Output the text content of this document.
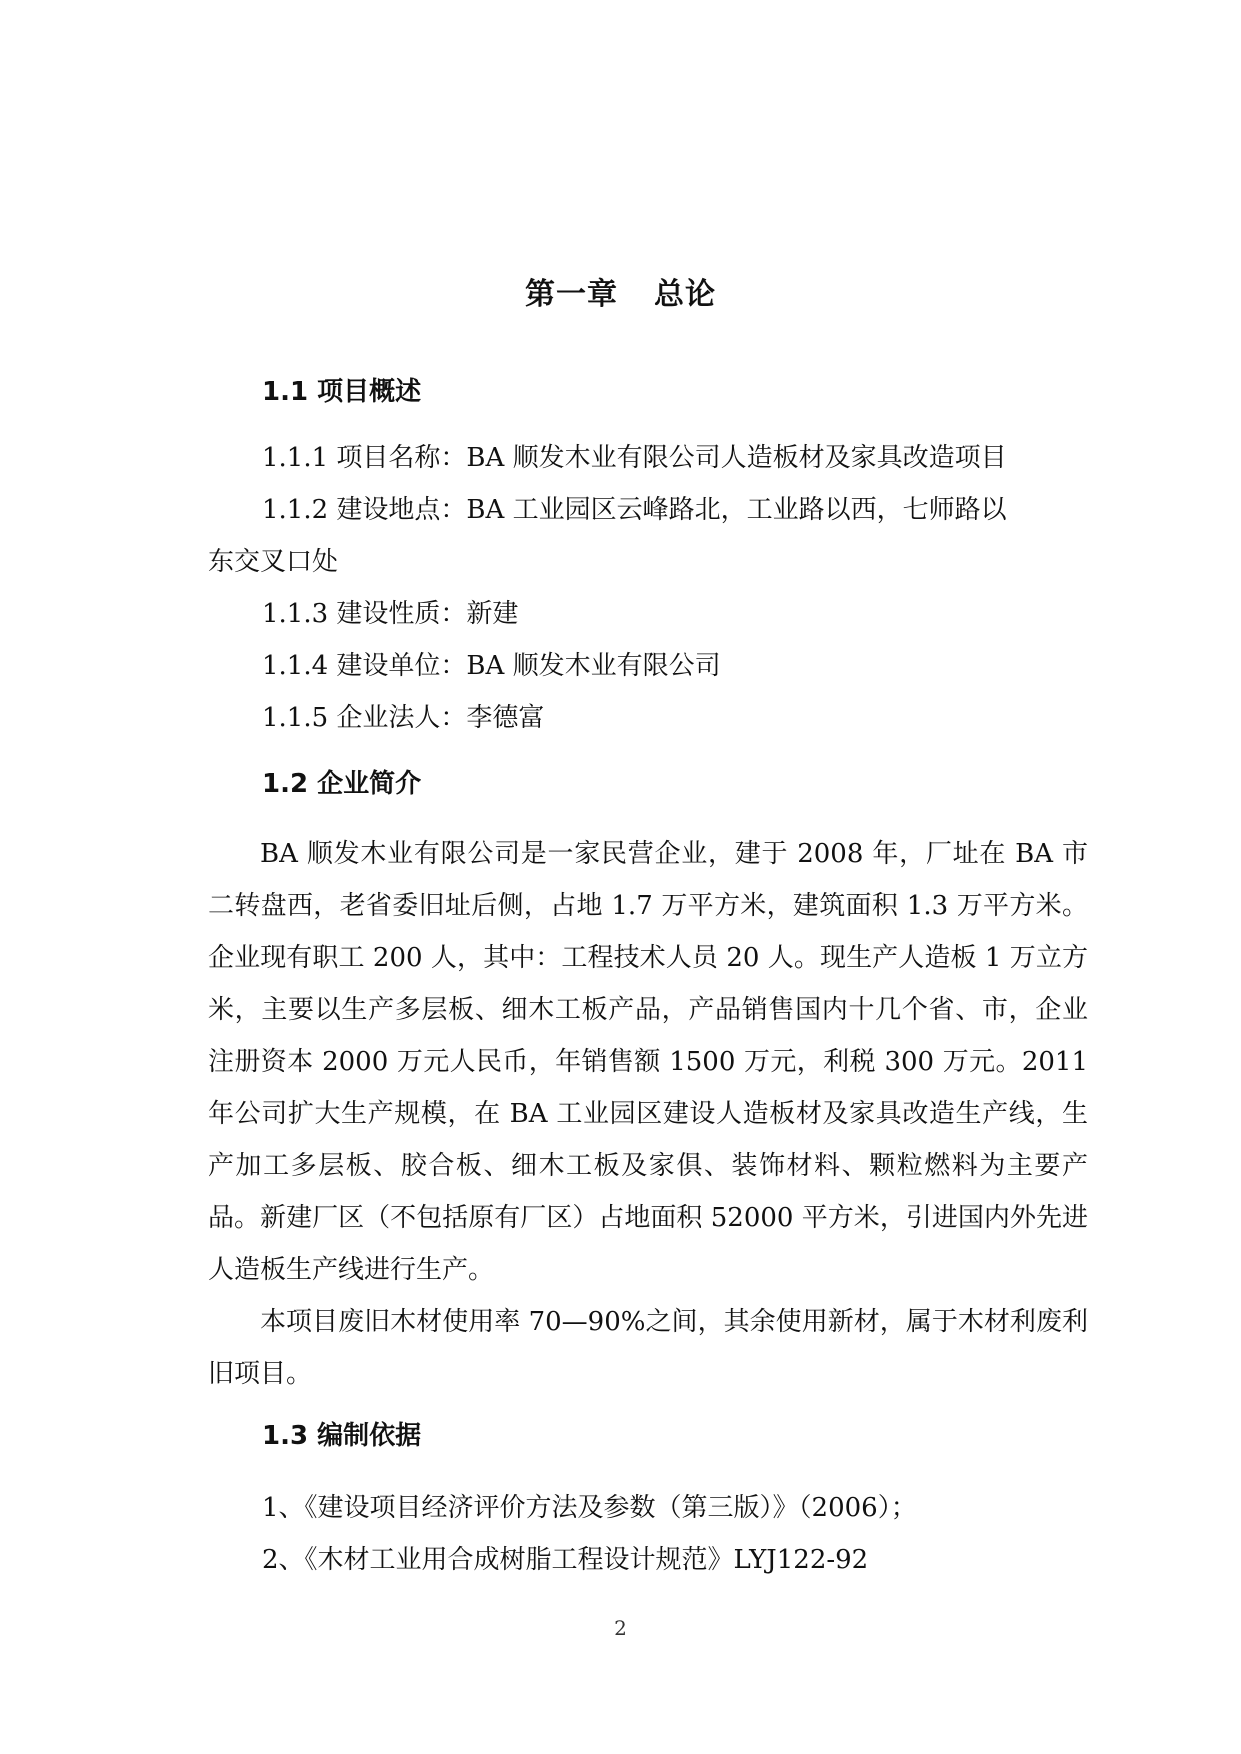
第一章 总论
1.1 项目概述
1.1.1 项目名称：BA 顺发木业有限公司人造板材及家具改造项目
1.1.2 建设地点：BA 工业园区云峰路北，工业路以西，七师路以
东交叉口处
1.1.3 建设性质：新建
1.1.4 建设单位：BA 顺发木业有限公司
1.1.5 企业法人：李德富
1.2 企业简介
BA 顺发木业有限公司是一家民营企业，建于 2008 年，厂址在 BA 市二转盘西，老省委旧址后侧，占地 1.7 万平方米，建筑面积 1.3 万平方米。企业现有职工 200 人，其中：工程技术人员 20 人。现生产人造板 1 万立方米，主要以生产多层板、细木工板产品，产品销售国内十几个省、市，企业注册资本 2000 万元人民币，年销售额 1500 万元，利税 300 万元。2011 年公司扩大生产规模，在 BA 工业园区建设人造板材及家具改造生产线，生产加工多层板、胶合板、细木工板及家俱、装饰材料、颗粒燃料为主要产品。新建厂区（不包括原有厂区）占地面积 52000 平方米，引进国内外先进人造板生产线进行生产。
本项目废旧木材使用率 70—90%之间，其余使用新材，属于木材利废利旧项目。
1.3 编制依据
1、《建设项目经济评价方法及参数（第三版）》（2006）；
2、《木材工业用合成树脂工程设计规范》LYJ122-92
2
